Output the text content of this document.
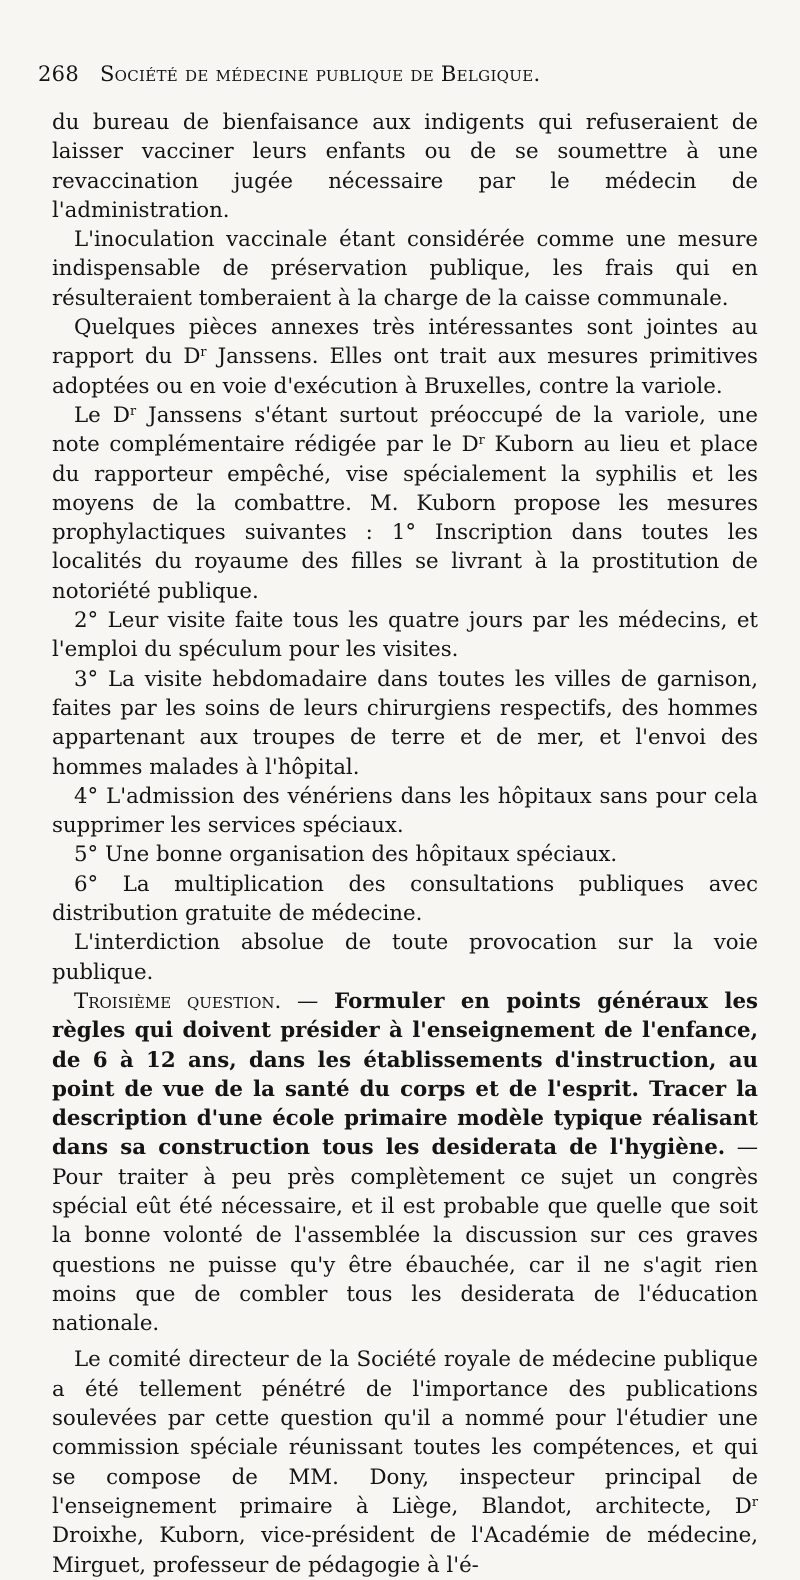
268 Société de médecine publique de Belgique.

du bureau de bienfaisance aux indigents qui refuseraient de laisser vacciner leurs enfants ou de se soumettre à une revaccination jugée nécessaire par le médecin de l'administration.

L'inoculation vaccinale étant considérée comme une mesure indispensable de préservation publique, les frais qui en résulteraient tomberaient à la charge de la caisse communale.

Quelques pièces annexes très intéressantes sont jointes au rapport du $D^r$ Janssens. Elles ont trait aux mesures primitives adoptées ou en voie d'exécution à Bruxelles, contre la variole.

Le $D^r$ Janssens s'étant surtout préoccupé de la variole, une note complémentaire rédigée par le $D^r$ Kuborn au lieu et place du rapporteur empêché, vise spécialement la syphilis et les moyens de la combattre. M. Kuborn propose les mesures prophylactiques suivantes : 1° Inscription dans toutes les localités du royaume des filles se livrant à la prostitution de notoriété publique.

2° Leur visite faite tous les quatre jours par les médecins, et l'emploi du spéculum pour les visites.

3° La visite hebdomadaire dans toutes les villes de garnison, faites par les soins de leurs chirurgiens respectifs, des hommes appartenant aux troupes de terre et de mer, et l'envoi des hommes malades à l'hôpital.

4° L'admission des vénériens dans les hôpitaux sans pour cela supprimer les services spéciaux.

5° Une bonne organisation des hôpitaux spéciaux.

6° La multiplication des consultations publiques avec distribution gratuite de médecine.

L'interdiction absolue de toute provocation sur la voie publique.

Troisième question. — Formuler en points généraux les règles qui doivent présider à l'enseignement de l'enfance, de 6 à 12 ans, dans les établissements d'instruction, au point de vue de la santé du corps et de l'esprit. Tracer la description d'une école primaire modèle typique réalisant dans sa construction tous les desiderata de l'hygiène. — Pour traiter à peu près complètement ce sujet un congrès spécial eût été nécessaire, et il est probable que quelle que soit la bonne volonté de l'assemblée la discussion sur ces graves questions ne puisse qu'y être ébauchée, car il ne s'agit rien moins que de combler tous les desiderata de l'éducation nationale.

Le comité directeur de la Société royale de médecine publique a été tellement pénétré de l'importance des publications soulevées par cette question qu'il a nommé pour l'étudier une commission spéciale réunissant toutes les compétences, et qui se compose de MM. Dony, inspecteur principal de l'enseignement primaire à Liège, Blandot, architecte, $D^r$ Droixhe, Kuborn, vice-président de l'Académie de médecine, Mirguet, professeur de pédagogie à l'é-
